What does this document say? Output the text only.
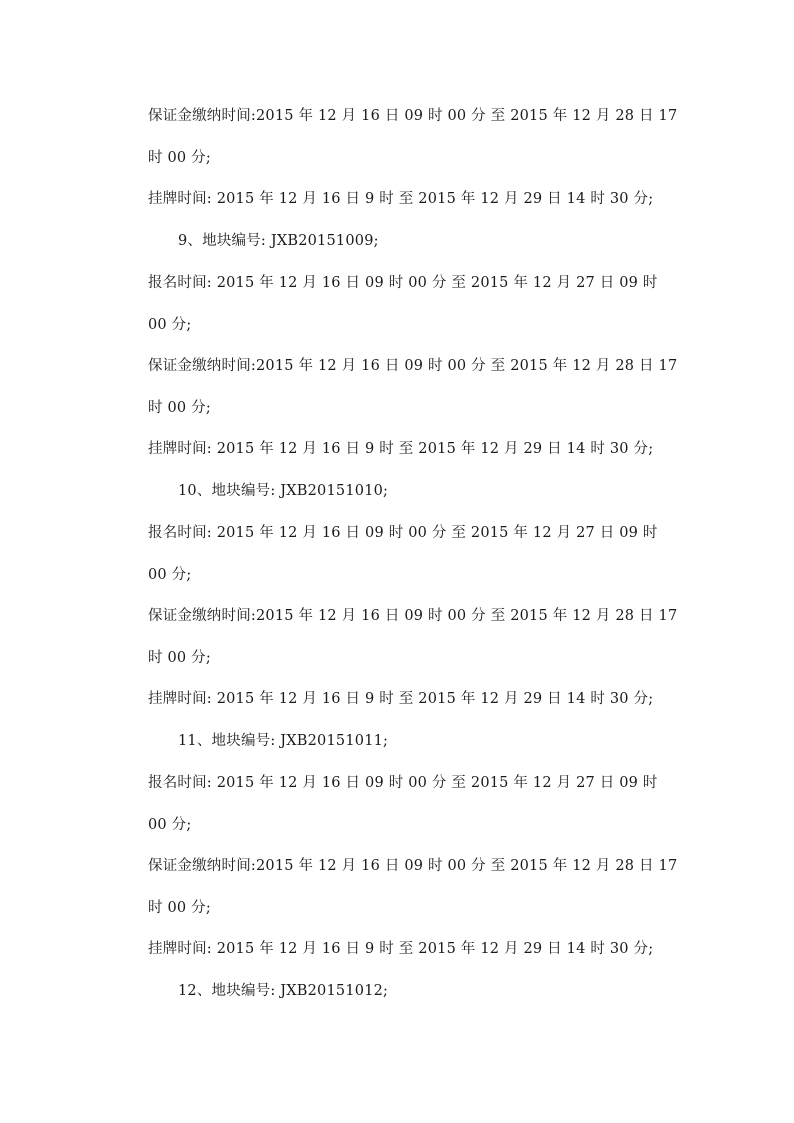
保证金缴纳时间:2015 年 12 月 16 日 09 时 00 分 至 2015 年 12 月 28 日 17
时 00 分;
挂牌时间: 2015 年 12 月 16 日 9 时 至 2015 年 12 月 29 日 14 时 30 分;
9、地块编号: JXB20151009;
报名时间: 2015 年 12 月 16 日 09 时 00 分 至 2015 年 12 月 27 日 09 时
00 分;
保证金缴纳时间:2015 年 12 月 16 日 09 时 00 分 至 2015 年 12 月 28 日 17
时 00 分;
挂牌时间: 2015 年 12 月 16 日 9 时 至 2015 年 12 月 29 日 14 时 30 分;
10、地块编号: JXB20151010;
报名时间: 2015 年 12 月 16 日 09 时 00 分 至 2015 年 12 月 27 日 09 时
00 分;
保证金缴纳时间:2015 年 12 月 16 日 09 时 00 分 至 2015 年 12 月 28 日 17
时 00 分;
挂牌时间: 2015 年 12 月 16 日 9 时 至 2015 年 12 月 29 日 14 时 30 分;
11、地块编号: JXB20151011;
报名时间: 2015 年 12 月 16 日 09 时 00 分 至 2015 年 12 月 27 日 09 时
00 分;
保证金缴纳时间:2015 年 12 月 16 日 09 时 00 分 至 2015 年 12 月 28 日 17
时 00 分;
挂牌时间: 2015 年 12 月 16 日 9 时 至 2015 年 12 月 29 日 14 时 30 分;
12、地块编号: JXB20151012;
